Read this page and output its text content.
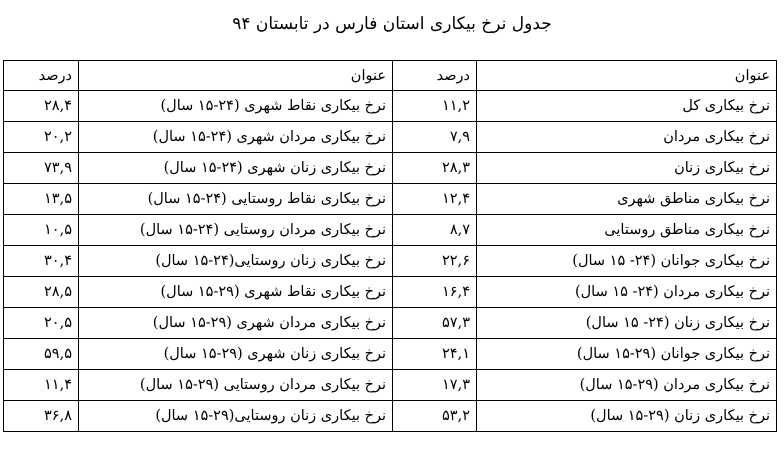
جدول نرخ بیکاری استان فارس در تابستان ۹۴
درصد	عنوان	درصد	عنوان
۲۸,۴	نرخ بیکاری نقاط شهری (۲۴-۱۵ سال)	۱۱,۲	نرخ بیکاری کل
۲۰,۲	نرخ بیکاری مردان شهری (۲۴-۱۵ سال)	۷,۹	نرخ بیکاری مردان
۷۳,۹	نرخ بیکاری زنان شهری (۲۴-۱۵ سال)	۲۸,۳	نرخ بیکاری زنان
۱۳,۵	نرخ بیکاری نقاط روستایی (۲۴-۱۵ سال)	۱۲,۴	نرخ بیکاری مناطق شهری
۱۰,۵	نرخ بیکاری مردان روستایی (۲۴-۱۵ سال)	۸,۷	نرخ بیکاری مناطق روستایی
۳۰,۴	نرخ بیکاری زنان روستایی(۲۴-۱۵ سال)	۲۲,۶	نرخ بیکاری جوانان (۲۴- ۱۵ سال)
۲۸,۵	نرخ بیکاری نقاط شهری (۲۹-۱۵ سال)	۱۶,۴	نرخ بیکاری مردان (۲۴- ۱۵ سال)
۲۰,۵	نرخ بیکاری مردان شهری (۲۹-۱۵ سال)	۵۷,۳	نرخ بیکاری زنان (۲۴- ۱۵ سال)
۵۹,۵	نرخ بیکاری زنان شهری (۲۹-۱۵ سال)	۲۴,۱	نرخ بیکاری جوانان (۲۹-۱۵ سال)
۱۱,۴	نرخ بیکاری مردان روستایی (۲۹-۱۵ سال)	۱۷,۳	نرخ بیکاری مردان (۲۹-۱۵ سال)
۳۶,۸	نرخ بیکاری زنان روستایی(۲۹-۱۵ سال)	۵۳,۲	نرخ بیکاری زنان (۲۹-۱۵ سال)
